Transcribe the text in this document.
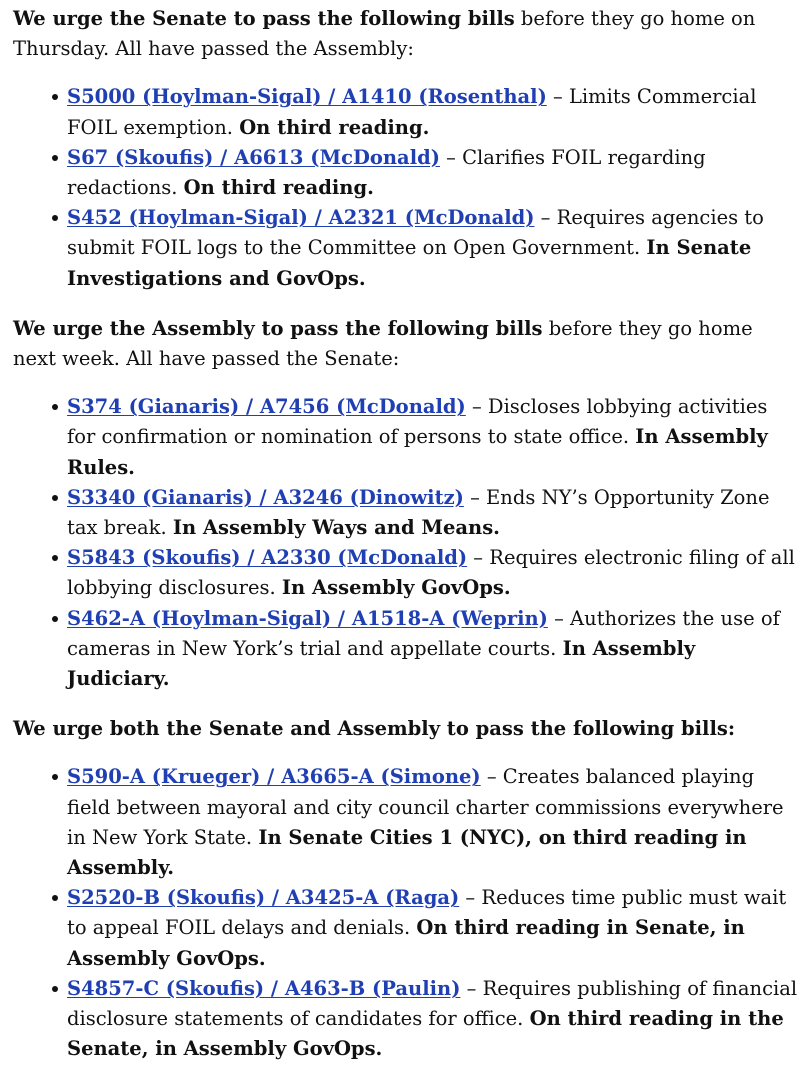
We urge the Senate to pass the following bills before they go home on Thursday. All have passed the Assembly:

S5000 (Hoylman-Sigal) / A1410 (Rosenthal) – Limits Commercial FOIL exemption. On third reading.
S67 (Skoufis) / A6613 (McDonald) – Clarifies FOIL regarding redactions. On third reading.
S452 (Hoylman-Sigal) / A2321 (McDonald) – Requires agencies to submit FOIL logs to the Committee on Open Government. In Senate Investigations and GovOps.

We urge the Assembly to pass the following bills before they go home next week. All have passed the Senate:

S374 (Gianaris) / A7456 (McDonald) – Discloses lobbying activities for confirmation or nomination of persons to state office. In Assembly Rules.
S3340 (Gianaris) / A3246 (Dinowitz) – Ends NY’s Opportunity Zone tax break. In Assembly Ways and Means.
S5843 (Skoufis) / A2330 (McDonald) – Requires electronic filing of all lobbying disclosures. In Assembly GovOps.
S462-A (Hoylman-Sigal) / A1518-A (Weprin) – Authorizes the use of cameras in New York’s trial and appellate courts. In Assembly Judiciary.

We urge both the Senate and Assembly to pass the following bills:

S590-A (Krueger) / A3665-A (Simone) – Creates balanced playing field between mayoral and city council charter commissions everywhere in New York State. In Senate Cities 1 (NYC), on third reading in Assembly.
S2520-B (Skoufis) / A3425-A (Raga) – Reduces time public must wait to appeal FOIL delays and denials. On third reading in Senate, in Assembly GovOps.
S4857-C (Skoufis) / A463-B (Paulin) – Requires publishing of financial disclosure statements of candidates for office. On third reading in the Senate, in Assembly GovOps.
